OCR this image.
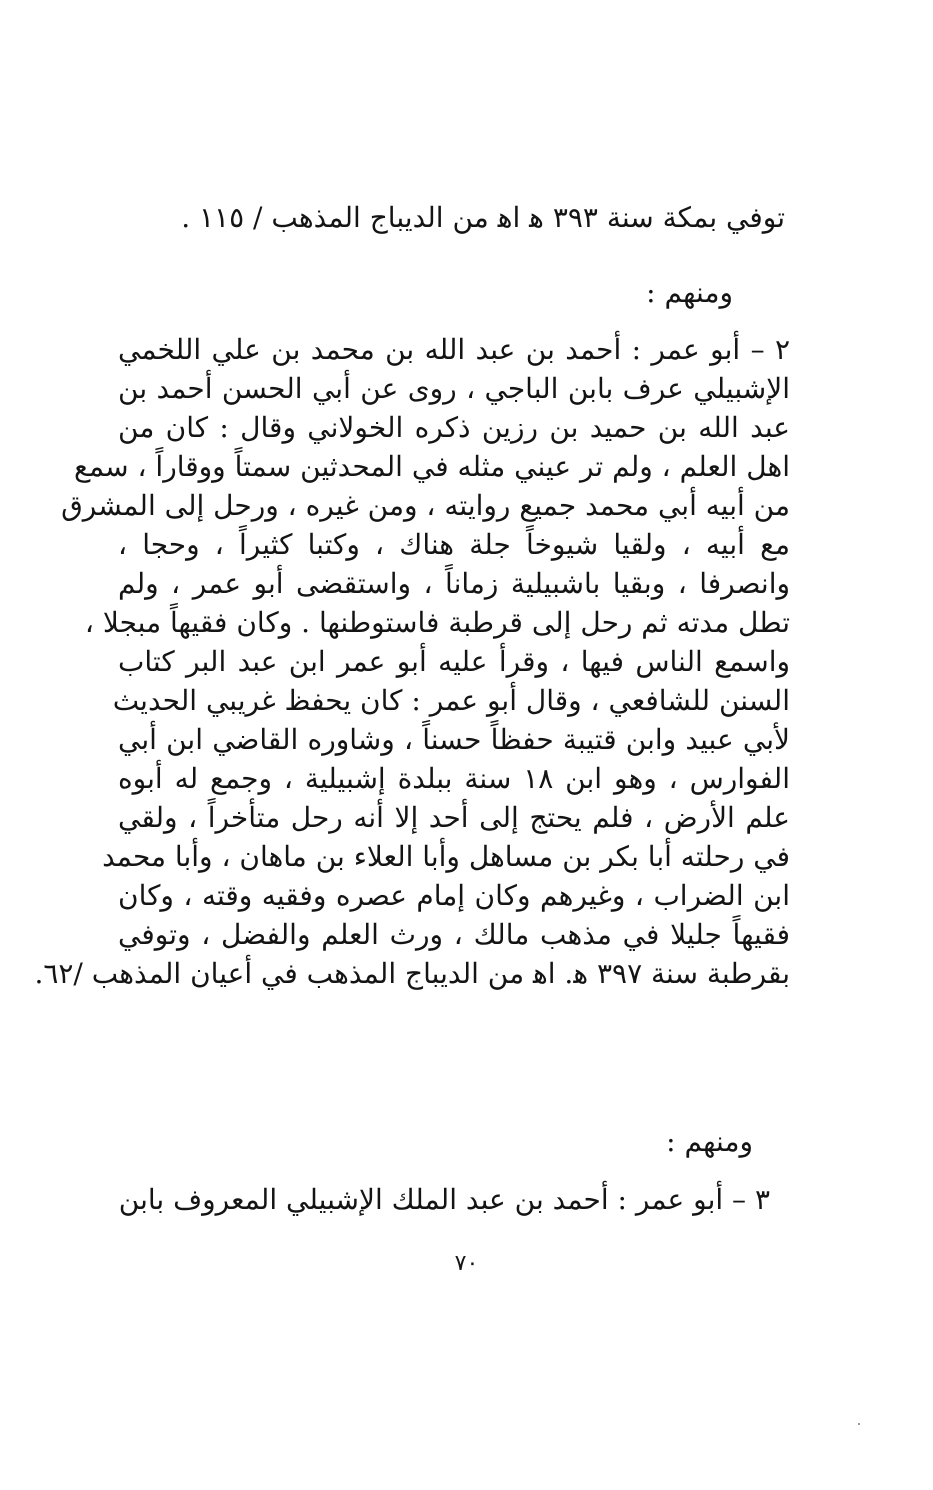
توفي بمكة سنة ٣٩٣ ﻫ اﻫ من الديباج المذهب / ١١٥ .
ومنهم :
٢ – أبو عمر : أحمد بن عبد الله بن محمد بن علي اللخمي
الإشبيلي عرف بابن الباجي ، روى عن أبي الحسن أحمد بن
عبد الله بن حميد بن رزين ذكره الخولاني وقال : كان من
اهل العلم ، ولم تر عيني مثله في المحدثين سمتاً ووقاراً ، سمع
من أبيه أبي محمد جميع روايته ، ومن غيره ، ورحل إلى المشرق
مع أبيه ، ولقيا شيوخاً جلة هناك ، وكتبا كثيراً ، وحجا ،
وانصرفا ، وبقيا باشبيلية زماناً ، واستقضى أبو عمر ، ولم
تطل مدته ثم رحل إلى قرطبة فاستوطنها . وكان فقيهاً مبجلا ،
واسمع الناس فيها ، وقرأ عليه أبو عمر ابن عبد البر كتاب
السنن للشافعي ، وقال أبو عمر : كان يحفظ غريبي الحديث
لأبي عبيد وابن قتيبة حفظاً حسناً ، وشاوره القاضي ابن أبي
الفوارس ، وهو ابن ١٨ سنة ببلدة إشبيلية ، وجمع له أبوه
علم الأرض ، فلم يحتج إلى أحد إلا أنه رحل متأخراً ، ولقي
في رحلته أبا بكر بن مساهل وأبا العلاء بن ماهان ، وأبا محمد
ابن الضراب ، وغيرهم وكان إمام عصره وفقيه وقته ، وكان
فقيهاً جليلا في مذهب مالك ، ورث العلم والفضل ، وتوفي
بقرطبة سنة ٣٩٧ ﻫ. اﻫ من الديباج المذهب في أعيان المذهب /٦٢.
ومنهم :
٣ – أبو عمر : أحمد بن عبد الملك الإشبيلي المعروف بابن
٧٠
